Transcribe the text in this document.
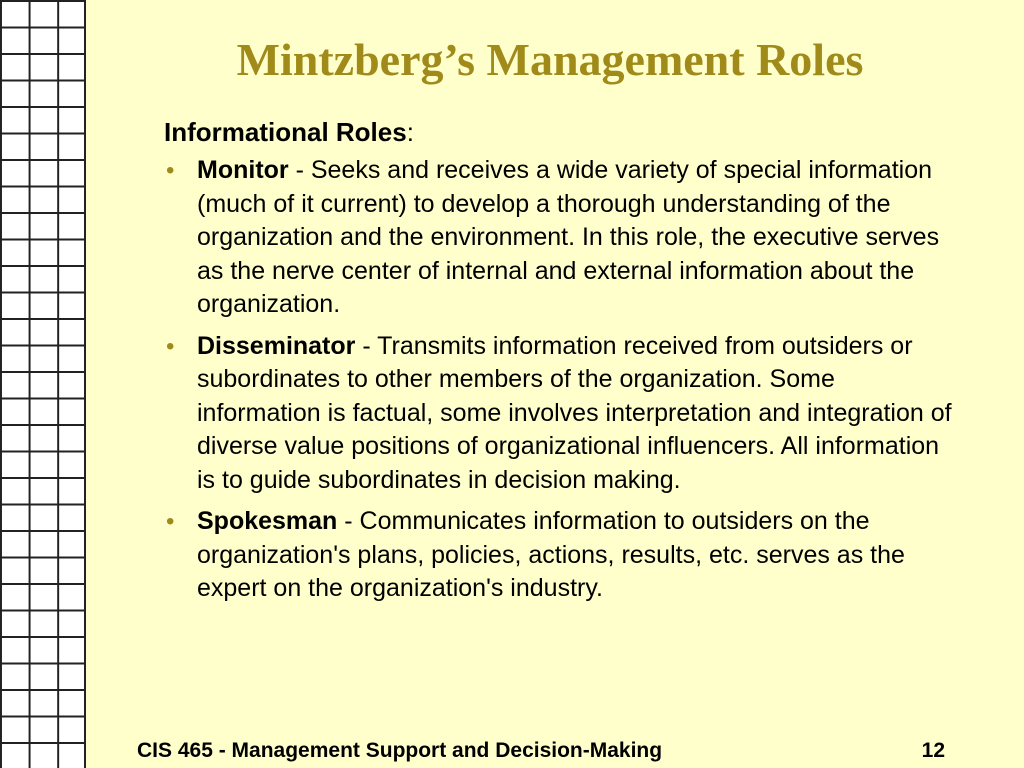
Mintzberg’s Management Roles

Informational Roles:

• Monitor - Seeks and receives a wide variety of special information (much of it current) to develop a thorough understanding of the organization and the environment. In this role, the executive serves as the nerve center of internal and external information about the organization.
• Disseminator - Transmits information received from outsiders or subordinates to other members of the organization. Some information is factual, some involves interpretation and integration of diverse value positions of organizational influencers. All information is to guide subordinates in decision making.
• Spokesman - Communicates information to outsiders on the organization's plans, policies, actions, results, etc. serves as the expert on the organization's industry.
CIS 465 - Management Support and Decision-Making	12
